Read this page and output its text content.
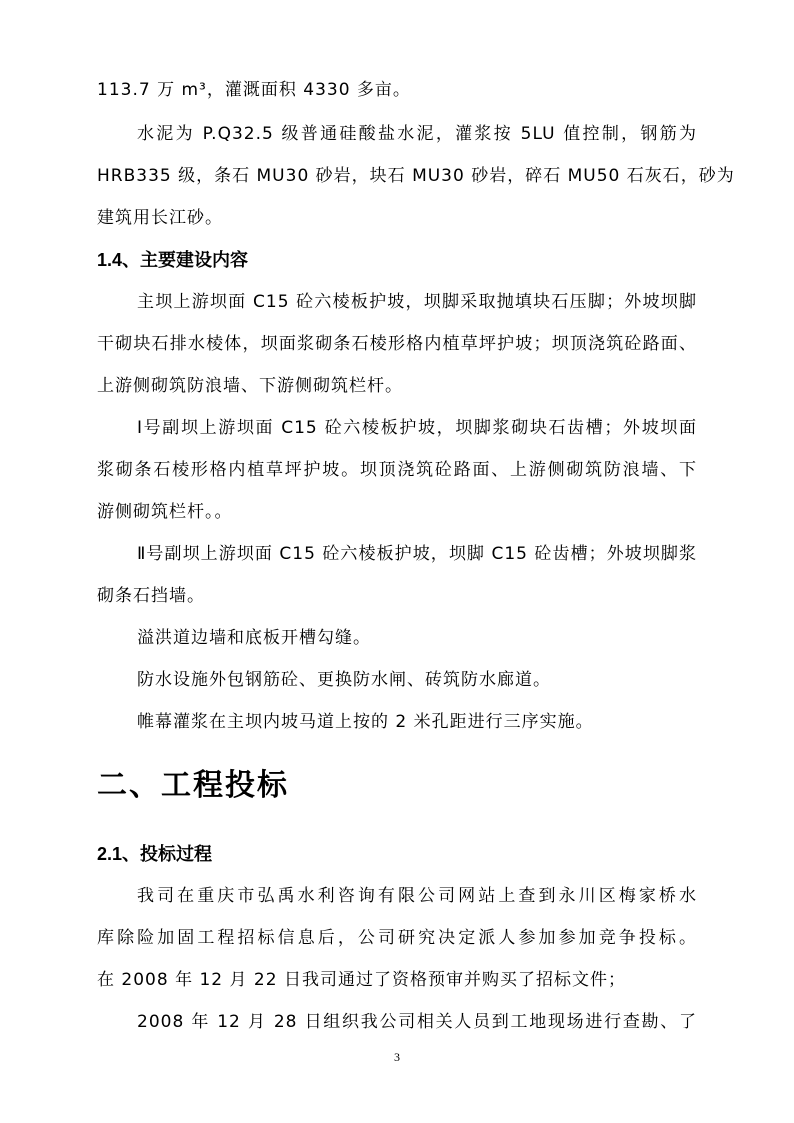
113.7 万 m³，灌溉面积 4330 多亩。
水泥为 P.Q32.5 级普通硅酸盐水泥，灌浆按 5LU 值控制，钢筋为
HRB335 级，条石 MU30 砂岩，块石 MU30 砂岩，碎石 MU50 石灰石，砂为
建筑用长江砂。
1.4、主要建设内容
主坝上游坝面 C15 砼六棱板护坡，坝脚采取抛填块石压脚；外坡坝脚
干砌块石排水棱体，坝面浆砌条石棱形格内植草坪护坡；坝顶浇筑砼路面、
上游侧砌筑防浪墙、下游侧砌筑栏杆。
Ⅰ号副坝上游坝面 C15 砼六棱板护坡，坝脚浆砌块石齿槽；外坡坝面
浆砌条石棱形格内植草坪护坡。坝顶浇筑砼路面、上游侧砌筑防浪墙、下
游侧砌筑栏杆。。
Ⅱ号副坝上游坝面 C15 砼六棱板护坡，坝脚 C15 砼齿槽；外坡坝脚浆
砌条石挡墙。
溢洪道边墙和底板开槽勾缝。
防水设施外包钢筋砼、更换防水闸、砖筑防水廊道。
帷幕灌浆在主坝内坡马道上按的 2 米孔距进行三序实施。
二、工程投标
2.1、投标过程
我司在重庆市弘禹水利咨询有限公司网站上查到永川区梅家桥水
库除险加固工程招标信息后，公司研究决定派人参加参加竞争投标。
在 2008 年 12 月 22 日我司通过了资格预审并购买了招标文件；
2008 年 12 月 28 日组织我公司相关人员到工地现场进行查勘、了
3
